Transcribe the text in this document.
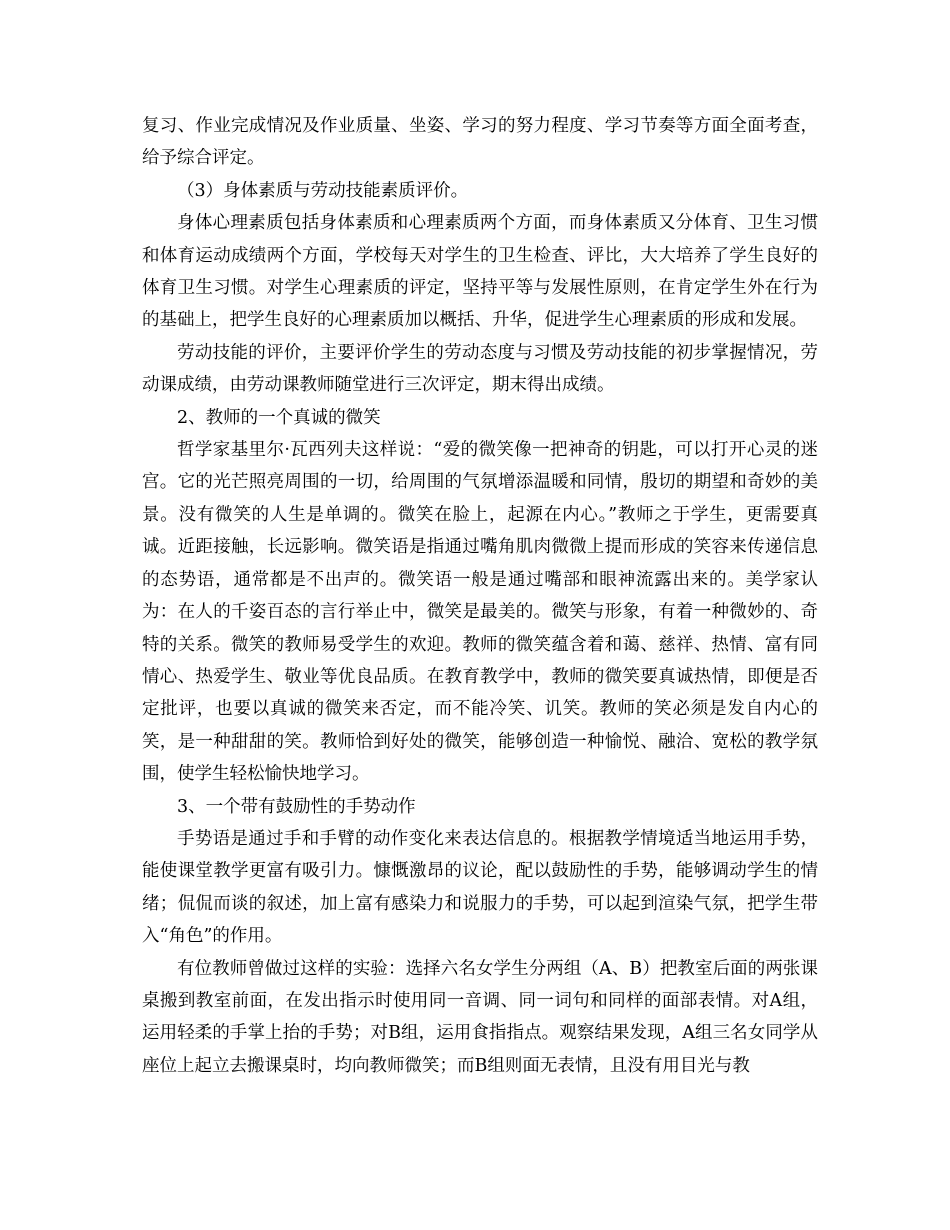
复习、作业完成情况及作业质量、坐姿、学习的努力程度、学习节奏等方面全面考查，给予综合评定。

（3）身体素质与劳动技能素质评价。

身体心理素质包括身体素质和心理素质两个方面，而身体素质又分体育、卫生习惯和体育运动成绩两个方面，学校每天对学生的卫生检查、评比，大大培养了学生良好的体育卫生习惯。对学生心理素质的评定，坚持平等与发展性原则，在肯定学生外在行为的基础上，把学生良好的心理素质加以概括、升华，促进学生心理素质的形成和发展。

劳动技能的评价，主要评价学生的劳动态度与习惯及劳动技能的初步掌握情况，劳动课成绩，由劳动课教师随堂进行三次评定，期末得出成绩。

2、教师的一个真诚的微笑

哲学家基里尔·瓦西列夫这样说：“爱的微笑像一把神奇的钥匙，可以打开心灵的迷宫。它的光芒照亮周围的一切，给周围的气氛增添温暖和同情，殷切的期望和奇妙的美景。没有微笑的人生是单调的。微笑在脸上，起源在内心。”教师之于学生，更需要真诚。近距接触，长远影响。微笑语是指通过嘴角肌肉微微上提而形成的笑容来传递信息的态势语，通常都是不出声的。微笑语一般是通过嘴部和眼神流露出来的。美学家认为：在人的千姿百态的言行举止中，微笑是最美的。微笑与形象，有着一种微妙的、奇特的关系。微笑的教师易受学生的欢迎。教师的微笑蕴含着和蔼、慈祥、热情、富有同情心、热爱学生、敬业等优良品质。在教育教学中，教师的微笑要真诚热情，即便是否定批评，也要以真诚的微笑来否定，而不能冷笑、讥笑。教师的笑必须是发自内心的笑，是一种甜甜的笑。教师恰到好处的微笑，能够创造一种愉悦、融洽、宽松的教学氛围，使学生轻松愉快地学习。

3、一个带有鼓励性的手势动作

手势语是通过手和手臂的动作变化来表达信息的。根据教学情境适当地运用手势，能使课堂教学更富有吸引力。慷慨激昂的议论，配以鼓励性的手势，能够调动学生的情绪；侃侃而谈的叙述，加上富有感染力和说服力的手势，可以起到渲染气氛，把学生带入“角色”的作用。

有位教师曾做过这样的实验：选择六名女学生分两组（A、B）把教室后面的两张课桌搬到教室前面，在发出指示时使用同一音调、同一词句和同样的面部表情。对A组，运用轻柔的手掌上抬的手势；对B组，运用食指指点。观察结果发现，A组三名女同学从座位上起立去搬课桌时，均向教师微笑；而B组则面无表情，且没有用目光与教
